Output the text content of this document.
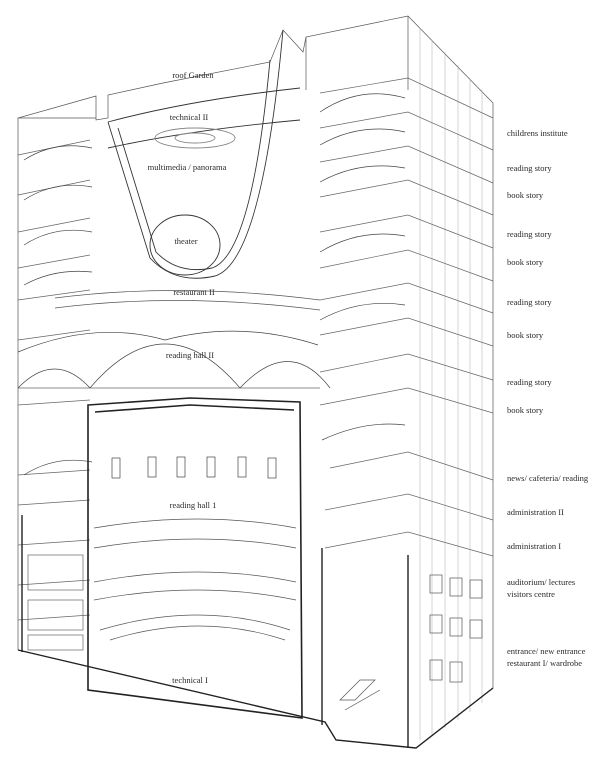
roof Garden
technical II
multimedia / panorama
theater
restaurant II
reading hall II
reading hall 1
technical I
childrens institute
reading story
book story
reading story
book story
reading story
book story
reading story
book story
news/ cafeteria/ reading
administration II
administration I
auditorium/ lectures
visitors centre
entrance/ new entrance
restaurant I/ wardrobe
